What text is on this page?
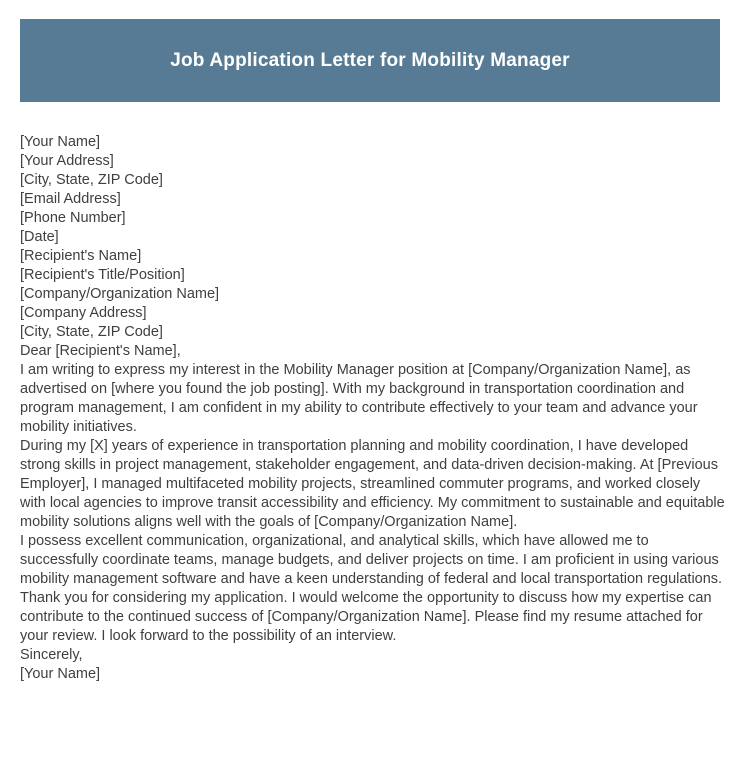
Job Application Letter for Mobility Manager

[Your Name]

[Your Address]

[City, State, ZIP Code]

[Email Address]

[Phone Number]

[Date]

[Recipient's Name]

[Recipient's Title/Position]

[Company/Organization Name]

[Company Address]

[City, State, ZIP Code]

Dear [Recipient's Name],

I am writing to express my interest in the Mobility Manager position at [Company/Organization Name], as advertised on [where you found the job posting]. With my background in transportation coordination and program management, I am confident in my ability to contribute effectively to your team and advance your mobility initiatives.

During my [X] years of experience in transportation planning and mobility coordination, I have developed strong skills in project management, stakeholder engagement, and data-driven decision-making. At [Previous Employer], I managed multifaceted mobility projects, streamlined commuter programs, and worked closely with local agencies to improve transit accessibility and efficiency. My commitment to sustainable and equitable mobility solutions aligns well with the goals of [Company/Organization Name].

I possess excellent communication, organizational, and analytical skills, which have allowed me to successfully coordinate teams, manage budgets, and deliver projects on time. I am proficient in using various mobility management software and have a keen understanding of federal and local transportation regulations.

Thank you for considering my application. I would welcome the opportunity to discuss how my expertise can contribute to the continued success of [Company/Organization Name]. Please find my resume attached for your review. I look forward to the possibility of an interview.

Sincerely,

[Your Name]
